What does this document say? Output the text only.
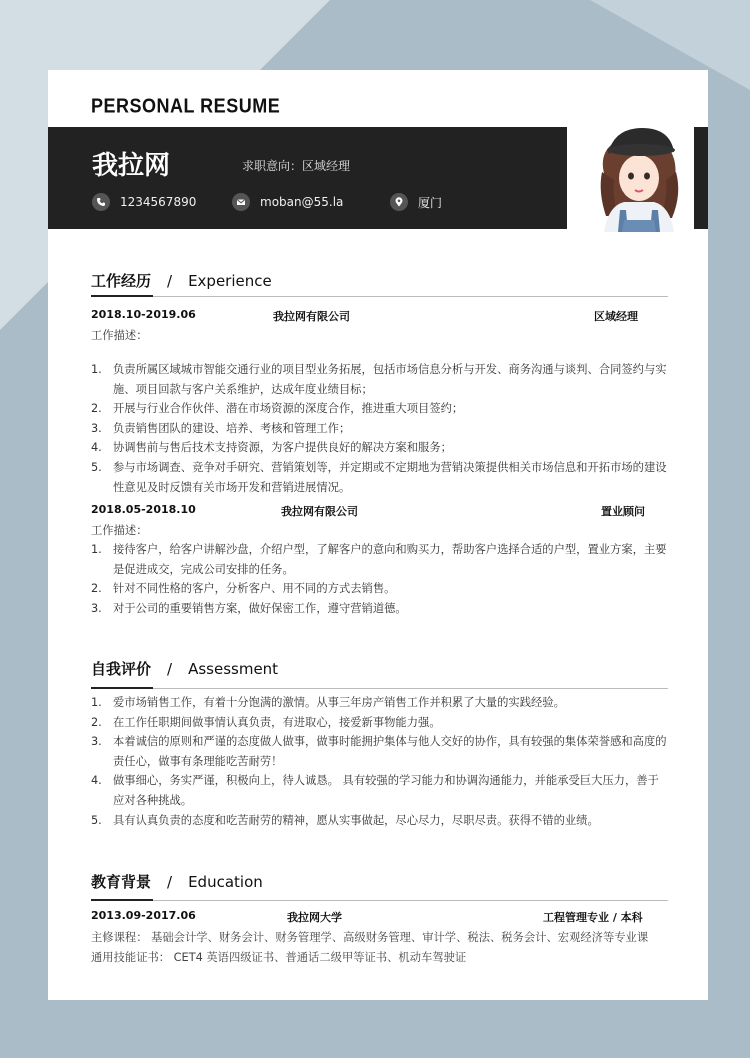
PERSONAL RESUME
我拉网	求职意向：区域经理
1234567890	moban@55.la	厦门
工作经历 / Experience
2018.10-2019.06	我拉网有限公司	区域经理
工作描述：
1. 负责所属区域城市智能交通行业的项目型业务拓展，包括市场信息分析与开发、商务沟通与谈判、合同签约与实施、项目回款与客户关系维护，达成年度业绩目标；
2. 开展与行业合作伙伴、潜在市场资源的深度合作，推进重大项目签约；
3. 负责销售团队的建设、培养、考核和管理工作；
4. 协调售前与售后技术支持资源，为客户提供良好的解决方案和服务；
5. 参与市场调查、竞争对手研究、营销策划等，并定期或不定期地为营销决策提供相关市场信息和开拓市场的建设性意见及时反馈有关市场开发和营销进展情况。
2018.05-2018.10	我拉网有限公司	置业顾问
工作描述：
1. 接待客户，给客户讲解沙盘，介绍户型，了解客户的意向和购买力，帮助客户选择合适的户型，置业方案，主要是促进成交，完成公司安排的任务。
2. 针对不同性格的客户，分析客户、用不同的方式去销售。
3. 对于公司的重要销售方案，做好保密工作，遵守营销道德。
自我评价 / Assessment
1. 爱市场销售工作，有着十分饱满的激情。从事三年房产销售工作并积累了大量的实践经验。
2. 在工作任职期间做事情认真负责，有进取心，接爱新事物能力强。
3. 本着诚信的原则和严谨的态度做人做事，做事时能拥护集体与他人交好的协作，具有较强的集体荣誉感和高度的责任心，做事有条理能吃苦耐劳！
4. 做事细心，务实严谨，积极向上，待人诚恳。 具有较强的学习能力和协调沟通能力，并能承受巨大压力，善于应对各种挑战。
5. 具有认真负责的态度和吃苦耐劳的精神，愿从实事做起，尽心尽力，尽职尽责。获得不错的业绩。
教育背景 / Education
2013.09-2017.06	我拉网大学	工程管理专业 / 本科
主修课程： 基础会计学、财务会计、财务管理学、高级财务管理、审计学、税法、税务会计、宏观经济等专业课
通用技能证书： CET4 英语四级证书、普通话二级甲等证书、机动车驾驶证
